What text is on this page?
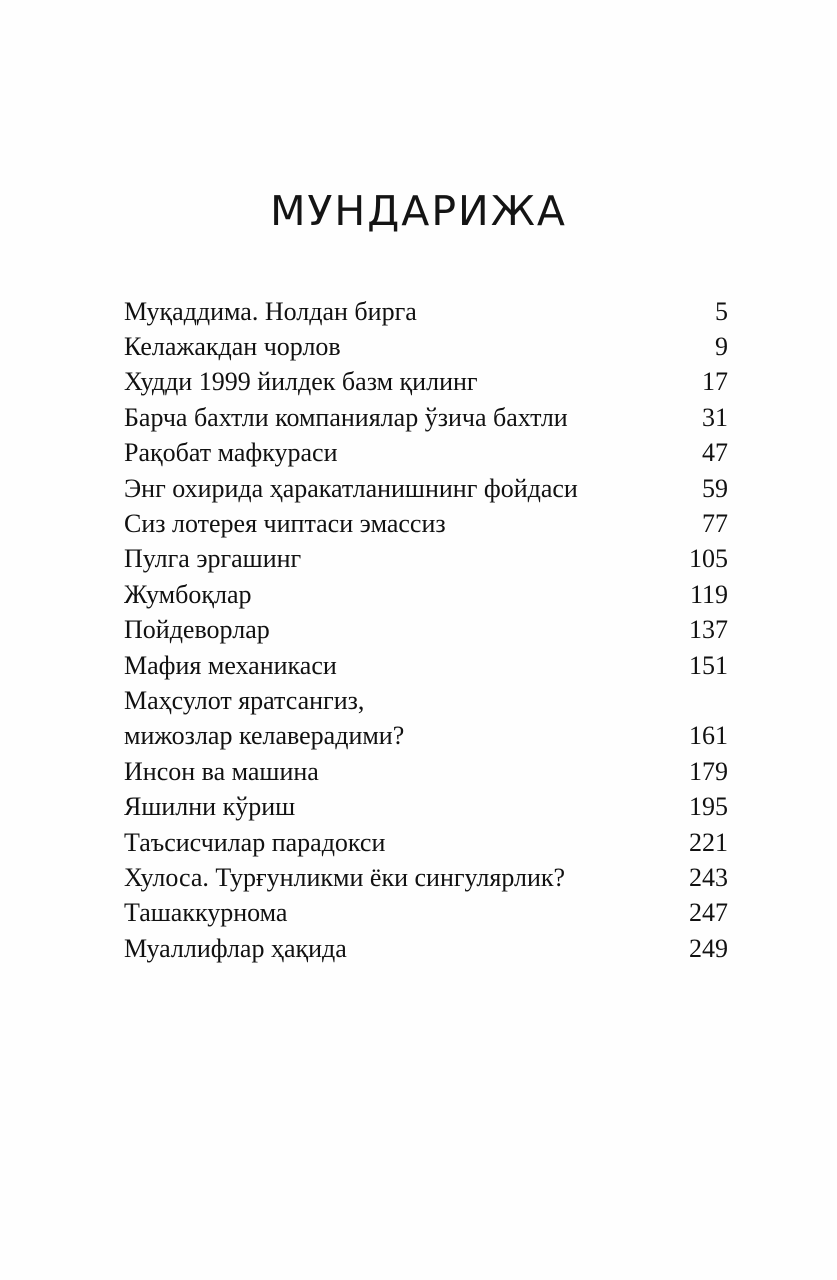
МУНДАРИЖА
Муқаддима. Нолдан бирга	5
Келажакдан чорлов	9
Худди 1999 йилдек базм қилинг	17
Барча бахтли компаниялар ўзича бахтли	31
Рақобат мафкураси	47
Энг охирида ҳаракатланишнинг фойдаси	59
Сиз лотерея чиптаси эмассиз	77
Пулга эргашинг	105
Жумбоқлар	119
Пойдеворлар	137
Мафия механикаси	151
Маҳсулот яратсангиз,
мижозлар келаверадими?	161
Инсон ва машина	179
Яшилни кўриш	195
Таъсисчилар парадокси	221
Хулоса. Турғунликми ёки сингулярлик?	243
Ташаккурнома	247
Муаллифлар ҳақида	249
